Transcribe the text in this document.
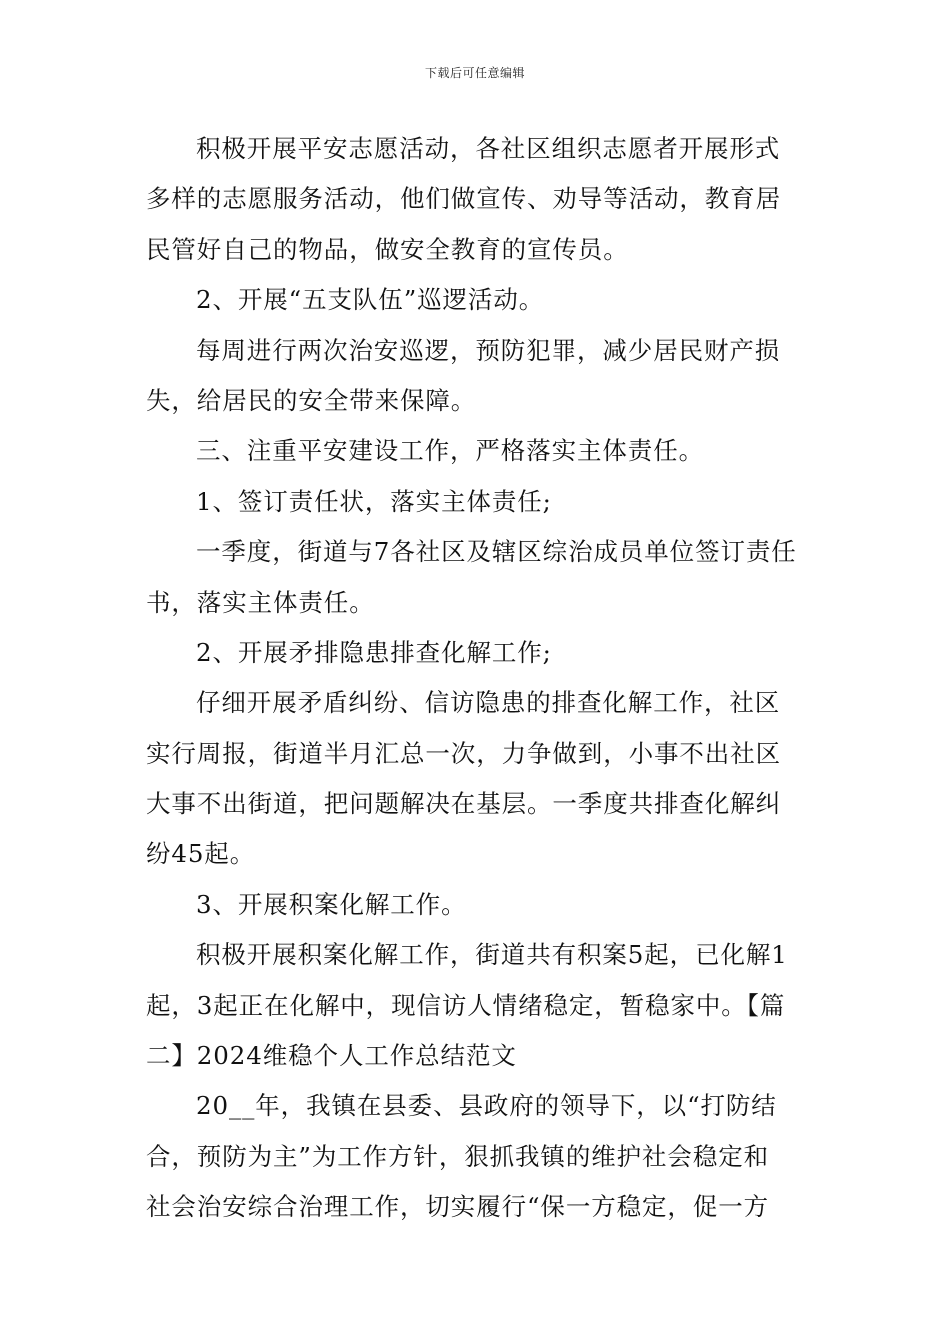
下载后可任意编辑
积极开展平安志愿活动，各社区组织志愿者开展形式
多样的志愿服务活动，他们做宣传、劝导等活动，教育居
民管好自己的物品，做安全教育的宣传员。
2、开展“五支队伍”巡逻活动。
每周进行两次治安巡逻，预防犯罪，减少居民财产损
失，给居民的安全带来保障。
三、注重平安建设工作，严格落实主体责任。
1、签订责任状，落实主体责任;
一季度，街道与7各社区及辖区综治成员单位签订责任
书，落实主体责任。
2、开展矛排隐患排查化解工作;
仔细开展矛盾纠纷、信访隐患的排查化解工作，社区
实行周报，街道半月汇总一次，力争做到，小事不出社区
大事不出街道，把问题解决在基层。一季度共排查化解纠
纷45起。
3、开展积案化解工作。
积极开展积案化解工作，街道共有积案5起，已化解1
起，3起正在化解中，现信访人情绪稳定，暂稳家中。【篇
二】2024维稳个人工作总结范文
20__年，我镇在县委、县政府的领导下，以“打防结
合，预防为主”为工作方针，狠抓我镇的维护社会稳定和
社会治安综合治理工作，切实履行“保一方稳定，促一方
